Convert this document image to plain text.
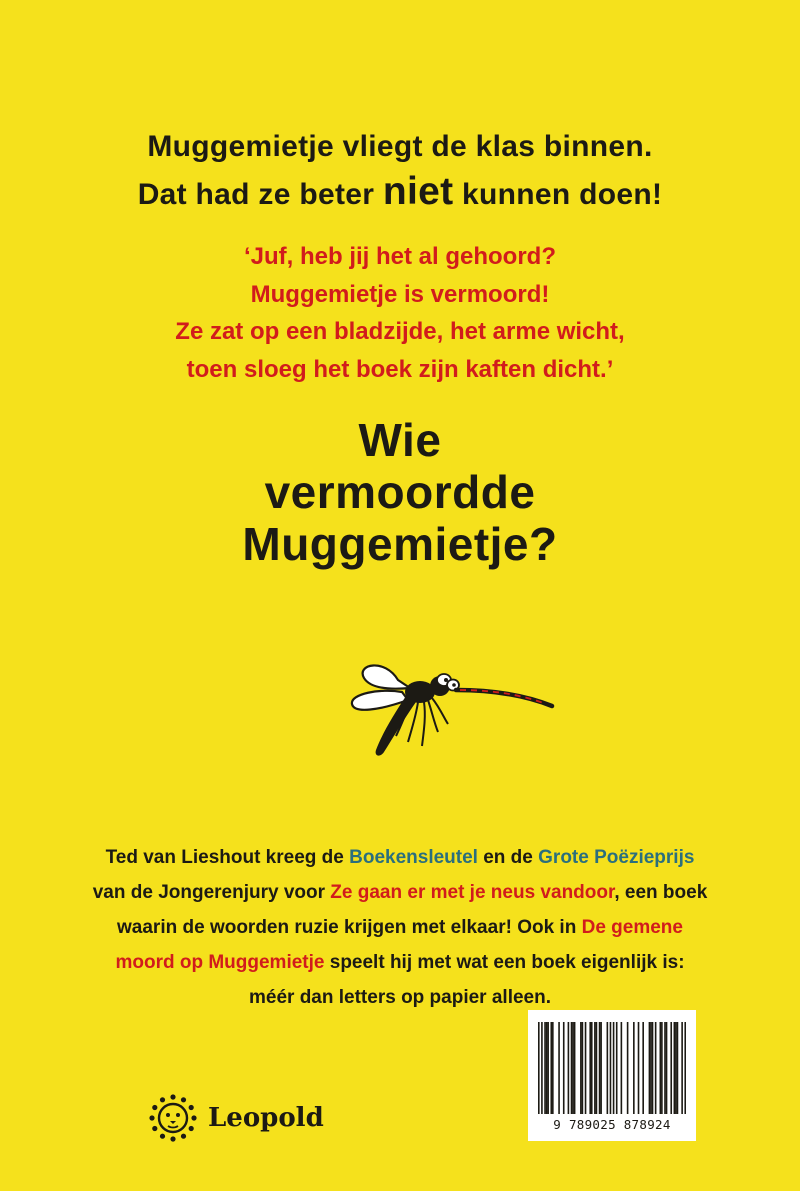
Muggemietje vliegt de klas binnen.
Dat had ze beter niet kunnen doen!
‘Juf, heb jij het al gehoord?
Muggemietje is vermoord!
Ze zat op een bladzijde, het arme wicht,
toen sloeg het boek zijn kaften dicht.’
Wie
vermoordde
Muggemietje?
Ted van Lieshout kreeg de Boekensleutel en de Grote Poëzieprijs
van de Jongerenjury voor Ze gaan er met je neus vandoor, een boek
waarin de woorden ruzie krijgen met elkaar! Ook in De gemene
moord op Muggemietje speelt hij met wat een boek eigenlijk is:
méér dan letters op papier alleen.
Leopold	9 789025 878924
